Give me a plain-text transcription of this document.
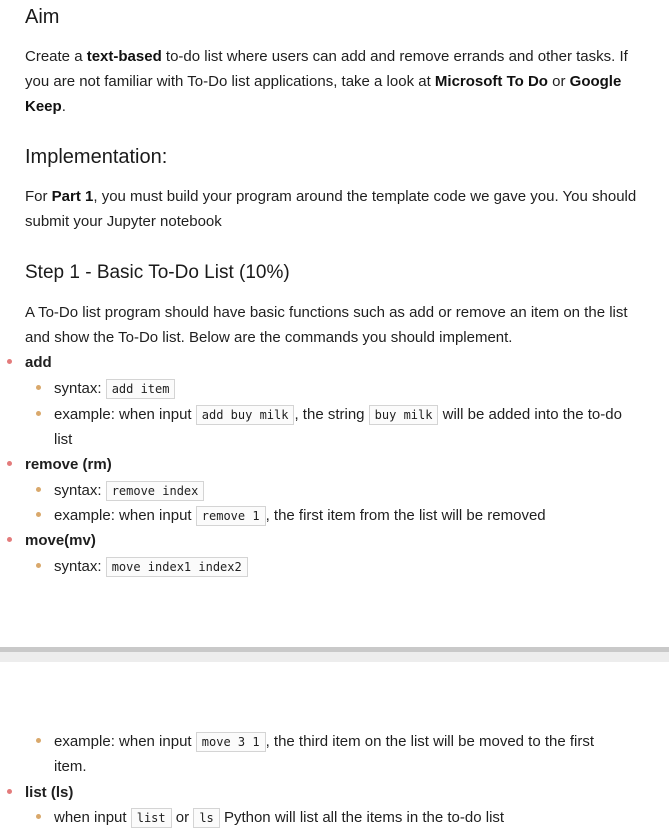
Aim

Create a text-based to-do list where users can add and remove errands and other tasks. If you are not familiar with To-Do list applications, take a look at Microsoft To Do or Google Keep.

Implementation:

For Part 1, you must build your program around the template code we gave you. You should submit your Jupyter notebook

Step 1 - Basic To-Do List (10%)

A To-Do list program should have basic functions such as add or remove an item on the list and show the To-Do list. Below are the commands you should implement.

add
syntax: add item
example: when input add buy milk , the string buy milk will be added into the to-do
list
remove (rm)
syntax: remove index
example: when input remove 1 , the first item from the list will be removed
move(mv)
syntax: move index1 index2
example: when input move 3 1 , the third item on the list will be moved to the first
item.
list (ls)
when input list or ls Python will list all the items in the to-do list
